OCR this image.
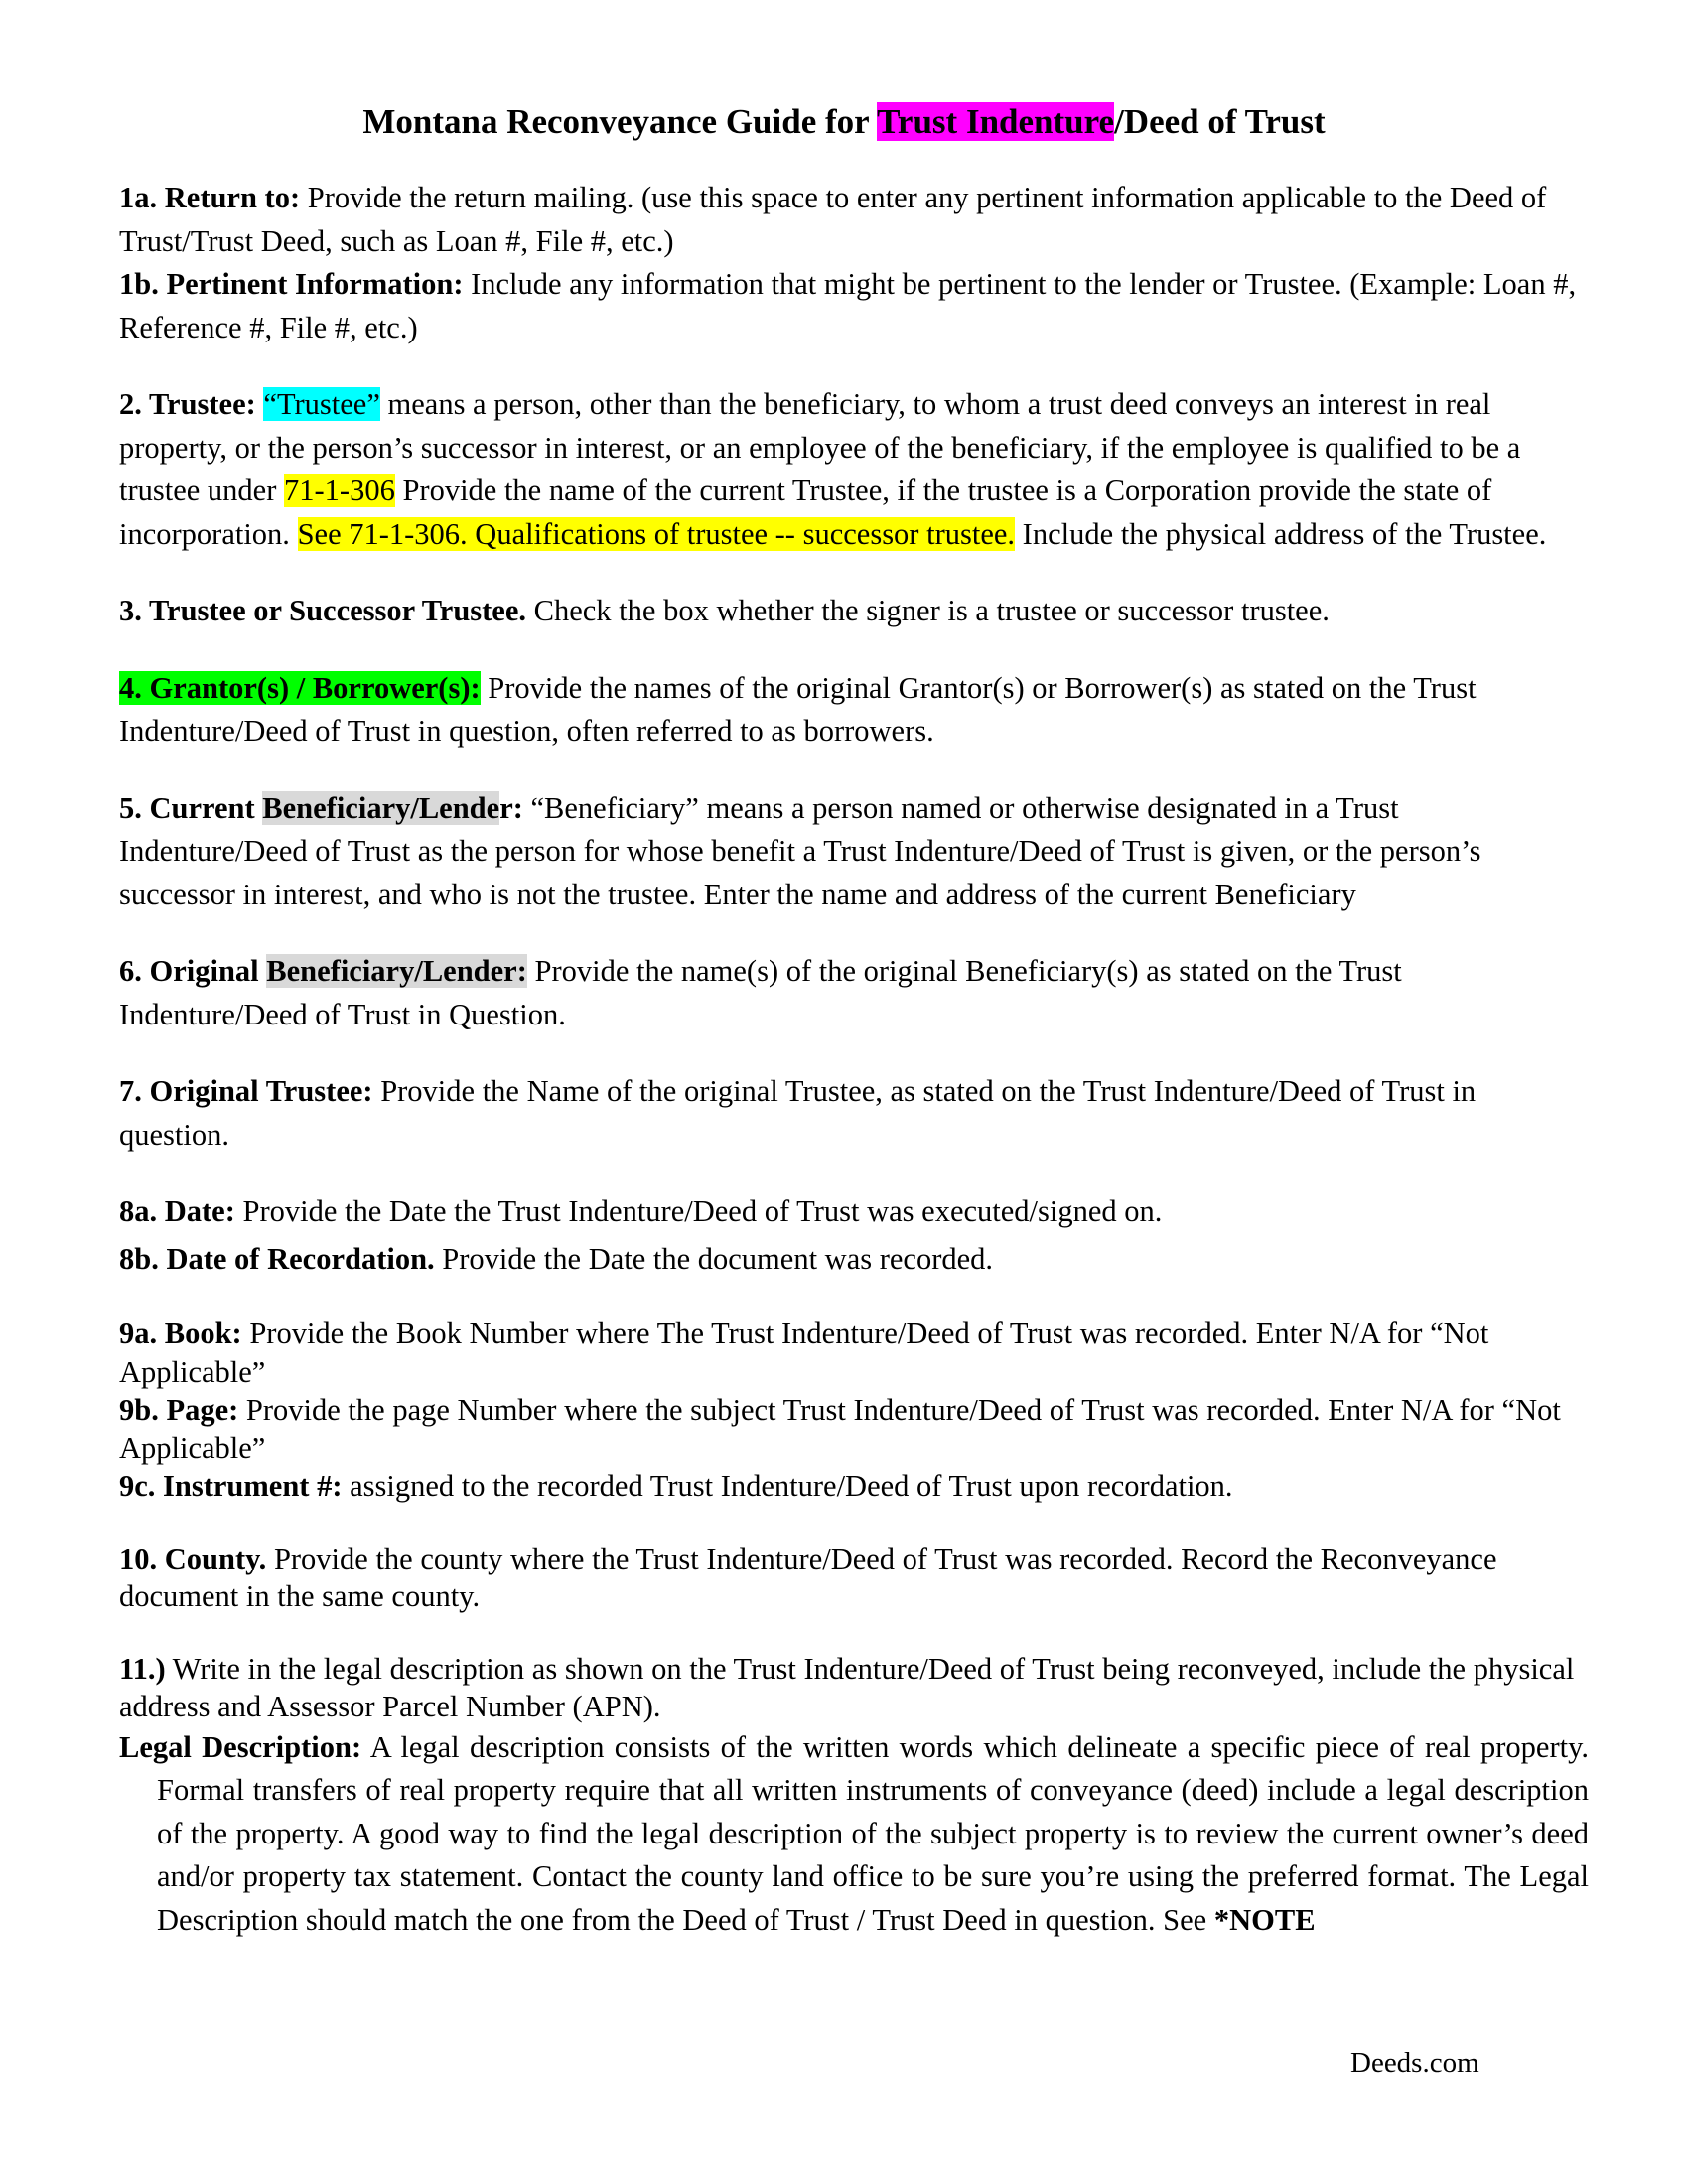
Montana Reconveyance Guide for Trust Indenture/Deed of Trust

1a. Return to: Provide the return mailing. (use this space to enter any pertinent information applicable to the Deed of Trust/Trust Deed, such as Loan #, File #, etc.)

1b. Pertinent Information: Include any information that might be pertinent to the lender or Trustee. (Example: Loan #, Reference #, File #, etc.)

2. Trustee: “Trustee” means a person, other than the beneficiary, to whom a trust deed conveys an interest in real property, or the person’s successor in interest, or an employee of the beneficiary, if the employee is qualified to be a trustee under 71-1-306 Provide the name of the current Trustee, if the trustee is a Corporation provide the state of incorporation. See 71-1-306. Qualifications of trustee -- successor trustee. Include the physical address of the Trustee.

3. Trustee or Successor Trustee. Check the box whether the signer is a trustee or successor trustee.

4. Grantor(s) / Borrower(s): Provide the names of the original Grantor(s) or Borrower(s) as stated on the Trust Indenture/Deed of Trust in question, often referred to as borrowers.

5. Current Beneficiary/Lender: “Beneficiary” means a person named or otherwise designated in a Trust Indenture/Deed of Trust as the person for whose benefit a Trust Indenture/Deed of Trust is given, or the person’s successor in interest, and who is not the trustee. Enter the name and address of the current Beneficiary

6. Original Beneficiary/Lender: Provide the name(s) of the original Beneficiary(s) as stated on the Trust Indenture/Deed of Trust in Question.

7. Original Trustee: Provide the Name of the original Trustee, as stated on the Trust Indenture/Deed of Trust in question.

8a. Date: Provide the Date the Trust Indenture/Deed of Trust was executed/signed on.

8b. Date of Recordation. Provide the Date the document was recorded.

9a. Book: Provide the Book Number where The Trust Indenture/Deed of Trust was recorded. Enter N/A for “Not Applicable”

9b. Page: Provide the page Number where the subject Trust Indenture/Deed of Trust was recorded. Enter N/A for “Not Applicable”

9c. Instrument #: assigned to the recorded Trust Indenture/Deed of Trust upon recordation.

10. County. Provide the county where the Trust Indenture/Deed of Trust was recorded. Record the Reconveyance document in the same county.

11.) Write in the legal description as shown on the Trust Indenture/Deed of Trust being reconveyed, include the physical address and Assessor Parcel Number (APN).

Legal Description: A legal description consists of the written words which delineate a specific piece of real property. Formal transfers of real property require that all written instruments of conveyance (deed) include a legal description of the property. A good way to find the legal description of the subject property is to review the current owner’s deed and/or property tax statement. Contact the county land office to be sure you’re using the preferred format. The Legal Description should match the one from the Deed of Trust / Trust Deed in question. See *NOTE

Deeds.com
